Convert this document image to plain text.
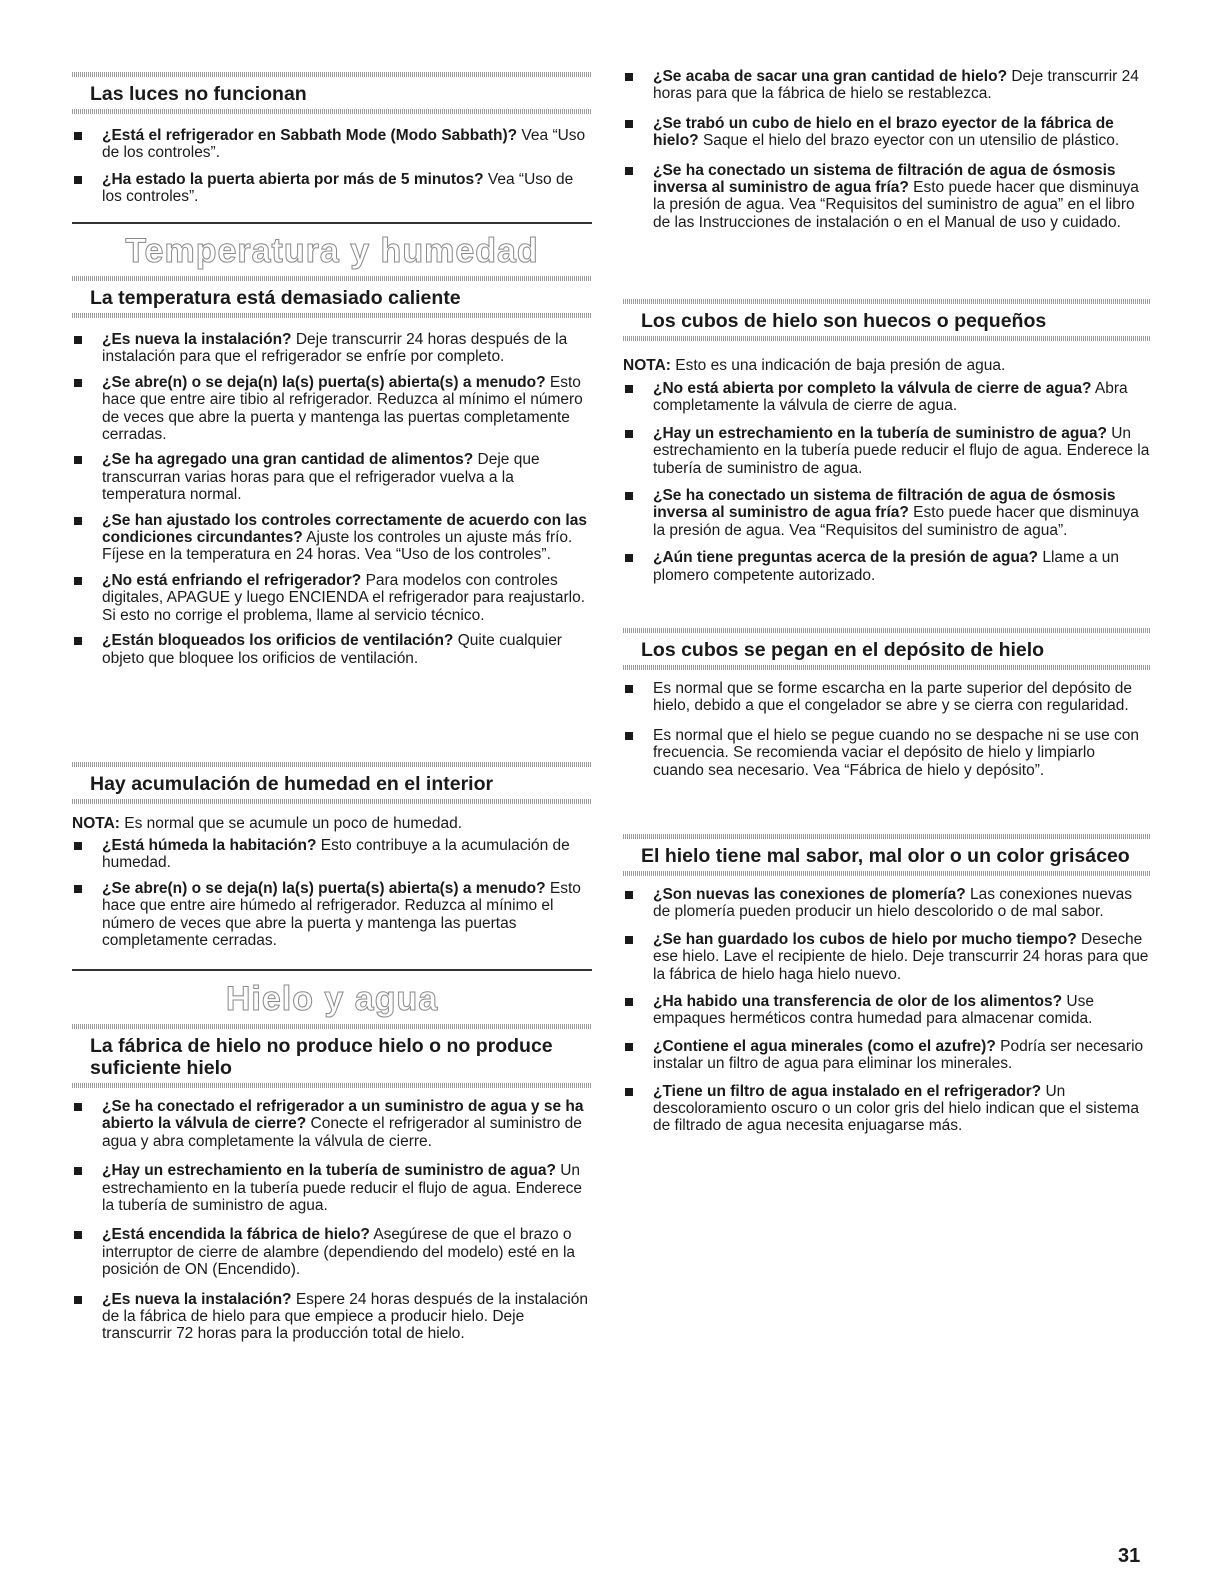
Las luces no funcionan
¿Está el refrigerador en Sabbath Mode (Modo Sabbath)? Vea “Uso de los controles”.
¿Ha estado la puerta abierta por más de 5 minutos? Vea “Uso de los controles”.
Temperatura y humedad
La temperatura está demasiado caliente
¿Es nueva la instalación? Deje transcurrir 24 horas después de la instalación para que el refrigerador se enfríe por completo.
¿Se abre(n) o se deja(n) la(s) puerta(s) abierta(s) a menudo? Esto hace que entre aire tibio al refrigerador. Reduzca al mínimo el número de veces que abre la puerta y mantenga las puertas completamente cerradas.
¿Se ha agregado una gran cantidad de alimentos? Deje que transcurran varias horas para que el refrigerador vuelva a la temperatura normal.
¿Se han ajustado los controles correctamente de acuerdo con las condiciones circundantes? Ajuste los controles un ajuste más frío. Fíjese en la temperatura en 24 horas. Vea “Uso de los controles”.
¿No está enfriando el refrigerador? Para modelos con controles digitales, APAGUE y luego ENCIENDA el refrigerador para reajustarlo. Si esto no corrige el problema, llame al servicio técnico.
¿Están bloqueados los orificios de ventilación? Quite cualquier objeto que bloquee los orificios de ventilación.
Hay acumulación de humedad en el interior
NOTA: Es normal que se acumule un poco de humedad.
¿Está húmeda la habitación? Esto contribuye a la acumulación de humedad.
¿Se abre(n) o se deja(n) la(s) puerta(s) abierta(s) a menudo? Esto hace que entre aire húmedo al refrigerador. Reduzca al mínimo el número de veces que abre la puerta y mantenga las puertas completamente cerradas.
Hielo y agua
La fábrica de hielo no produce hielo o no produce suficiente hielo
¿Se ha conectado el refrigerador a un suministro de agua y se ha abierto la válvula de cierre? Conecte el refrigerador al suministro de agua y abra completamente la válvula de cierre.
¿Hay un estrechamiento en la tubería de suministro de agua? Un estrechamiento en la tubería puede reducir el flujo de agua. Enderece la tubería de suministro de agua.
¿Está encendida la fábrica de hielo? Asegúrese de que el brazo o interruptor de cierre de alambre (dependiendo del modelo) esté en la posición de ON (Encendido).
¿Es nueva la instalación? Espere 24 horas después de la instalación de la fábrica de hielo para que empiece a producir hielo. Deje transcurrir 72 horas para la producción total de hielo.
¿Se acaba de sacar una gran cantidad de hielo? Deje transcurrir 24 horas para que la fábrica de hielo se restablezca.
¿Se trabó un cubo de hielo en el brazo eyector de la fábrica de hielo? Saque el hielo del brazo eyector con un utensilio de plástico.
¿Se ha conectado un sistema de filtración de agua de ósmosis inversa al suministro de agua fría? Esto puede hacer que disminuya la presión de agua. Vea “Requisitos del suministro de agua” en el libro de las Instrucciones de instalación o en el Manual de uso y cuidado.
Los cubos de hielo son huecos o pequeños
NOTA: Esto es una indicación de baja presión de agua.
¿No está abierta por completo la válvula de cierre de agua? Abra completamente la válvula de cierre de agua.
¿Hay un estrechamiento en la tubería de suministro de agua? Un estrechamiento en la tubería puede reducir el flujo de agua. Enderece la tubería de suministro de agua.
¿Se ha conectado un sistema de filtración de agua de ósmosis inversa al suministro de agua fría? Esto puede hacer que disminuya la presión de agua. Vea “Requisitos del suministro de agua”.
¿Aún tiene preguntas acerca de la presión de agua? Llame a un plomero competente autorizado.
Los cubos se pegan en el depósito de hielo
Es normal que se forme escarcha en la parte superior del depósito de hielo, debido a que el congelador se abre y se cierra con regularidad.
Es normal que el hielo se pegue cuando no se despache ni se use con frecuencia. Se recomienda vaciar el depósito de hielo y limpiarlo cuando sea necesario. Vea “Fábrica de hielo y depósito”.
El hielo tiene mal sabor, mal olor o un color grisáceo
¿Son nuevas las conexiones de plomería? Las conexiones nuevas de plomería pueden producir un hielo descolorido o de mal sabor.
¿Se han guardado los cubos de hielo por mucho tiempo? Deseche ese hielo. Lave el recipiente de hielo. Deje transcurrir 24 horas para que la fábrica de hielo haga hielo nuevo.
¿Ha habido una transferencia de olor de los alimentos? Use empaques herméticos contra humedad para almacenar comida.
¿Contiene el agua minerales (como el azufre)? Podría ser necesario instalar un filtro de agua para eliminar los minerales.
¿Tiene un filtro de agua instalado en el refrigerador? Un descoloramiento oscuro o un color gris del hielo indican que el sistema de filtrado de agua necesita enjuagarse más.
31
